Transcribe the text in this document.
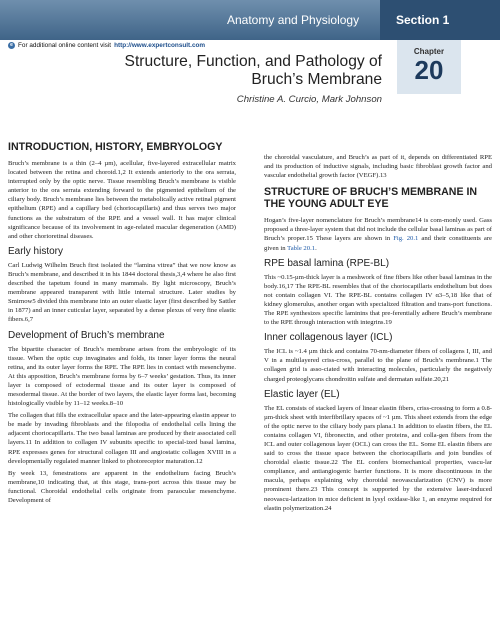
Anatomy and Physiology	Section 1
e For additional online content visit http://www.expertconsult.com
Chapter
20
Structure, Function, and Pathology of
Bruch’s Membrane
Christine A. Curcio, Mark Johnson
INTRODUCTION, HISTORY, EMBRYOLOGY

Bruch’s membrane is a thin (2–4 µm), acellular, five-layered extracellular matrix located between the retina and choroid.1,2 It extends anteriorly to the ora serrata, interrupted only by the optic nerve. Tissue resembling Bruch’s membrane is visible anterior to the ora serrata extending forward to the pigmented epithelium of the ciliary body. Bruch’s membrane lies between the metabolically active retinal pigment epithelium (RPE) and a capillary bed (choriocapillaris) and thus serves two major functions as the substratum of the RPE and a vessel wall. It has major clinical significance because of its involvement in age-related macular degeneration (AMD) and other chorioretinal diseases.

Early history

Carl Ludwig Wilhelm Bruch first isolated the “lamina vitrea” that we now know as Bruch’s membrane, and described it in his 1844 doctoral thesis,3,4 where he also first described the tapetum found in many mammals. By light microscopy, Bruch’s membrane appeared transparent with little internal structure. Later studies by Smirnow5 divided this membrane into an outer elastic layer (first described by Sattler in 1877) and an inner cuticular layer, separated by a dense plexus of very fine elastic fibers.6,7

Development of Bruch’s membrane

The bipartite character of Bruch’s membrane arises from the embryologic of its tissue. When the optic cup invaginates and folds, its inner layer forms the neural retina, and its outer layer forms the RPE. The RPE lies in contact with mesenchyme. At this apposition, Bruch’s membrane forms by 6–7 weeks’ gestation. Thus, its inner layer is composed of ectodermal tissue and its outer layer is composed of mesodermal tissue. At the border of two layers, the elastic layer forms last, becoming histologically visible by 11–12 weeks.8–10

The collagen that fills the extracellular space and the later-appearing elastin appear to be made by invading fibroblasts and the filopodia of endothelial cells lining the adjacent choriocapillaris. The two basal laminas are produced by their associated cell layers.11 In addition to collagen IV subunits specific to special-ized basal lamina, RPE expresses genes for structural collagen III and angiostatic collagen XVIII in a developmentally regulated manner linked to photoreceptor maturation.12

By week 13, fenestrations are apparent in the endothelium facing Bruch’s membrane,10 indicating that, at this stage, trans-port across this tissue may be functional. Choroidal endothelial cells originate from paraocular mesenchyme. Development of

the choroidal vasculature, and Bruch’s as part of it, depends on differentiated RPE and its production of inductive signals, including basic fibroblast growth factor and vascular endothelial growth factor (VEGF).13

STRUCTURE OF BRUCH’S MEMBRANE IN THE YOUNG ADULT EYE

Hogan’s five-layer nomenclature for Bruch’s membrane14 is com-monly used. Gass proposed a three-layer system that did not include the cellular basal laminas as part of Bruch’s proper.15 These layers are shown in Fig. 20.1 and their constituents are given in Table 20.1.

RPE basal lamina (RPE-BL)

This ~0.15-µm-thick layer is a meshwork of fine fibers like other basal laminas in the body.16,17 The RPE-BL resembles that of the choriocapillaris endothelium but does not contain collagen VI. The RPE-BL contains collagen IV α3–5,18 like that of kidney glomerulus, another organ with specialized filtration and trans-port functions. The RPE synthesizes specific laminins that pre-ferentially adhere Bruch’s membrane to the RPE through interaction with integrins.19

Inner collagenous layer (ICL)

The ICL is ~1.4 µm thick and contains 70-nm-diameter fibers of collagens I, III, and V in a multilayered criss-cross, parallel to the plane of Bruch’s membrane.1 The collagen grid is asso-ciated with interacting molecules, particularly the negatively charged proteoglycans chondroitin sulfate and dermatan sulfate.20,21

Elastic layer (EL)

The EL consists of stacked layers of linear elastin fibers, criss-crossing to form a 0.8-µm-thick sheet with interfibrillary spaces of ~1 µm. This sheet extends from the edge of the optic nerve to the ciliary body pars plana.1 In addition to elastin fibers, the EL contains collagen VI, fibronectin, and other proteins, and colla-gen fibers from the ICL and outer collagenous layer (OCL) can cross the EL. Some EL elastin fibers are said to cross the tissue space between the choriocapillaris and join bundles of choroidal elastic tissue.22 The EL confers biomechanical properties, vascu-lar compliance, and antiangiogenic barrier functions. It is more discontinuous in the macula, perhaps explaining why choroidal neovascularization (CNV) is more prominent there.23 This concept is supported by the extensive laser-induced neovascu-larization in mice deficient in lysyl oxidase-like 1, an enzyme required for elastin polymerization.24
